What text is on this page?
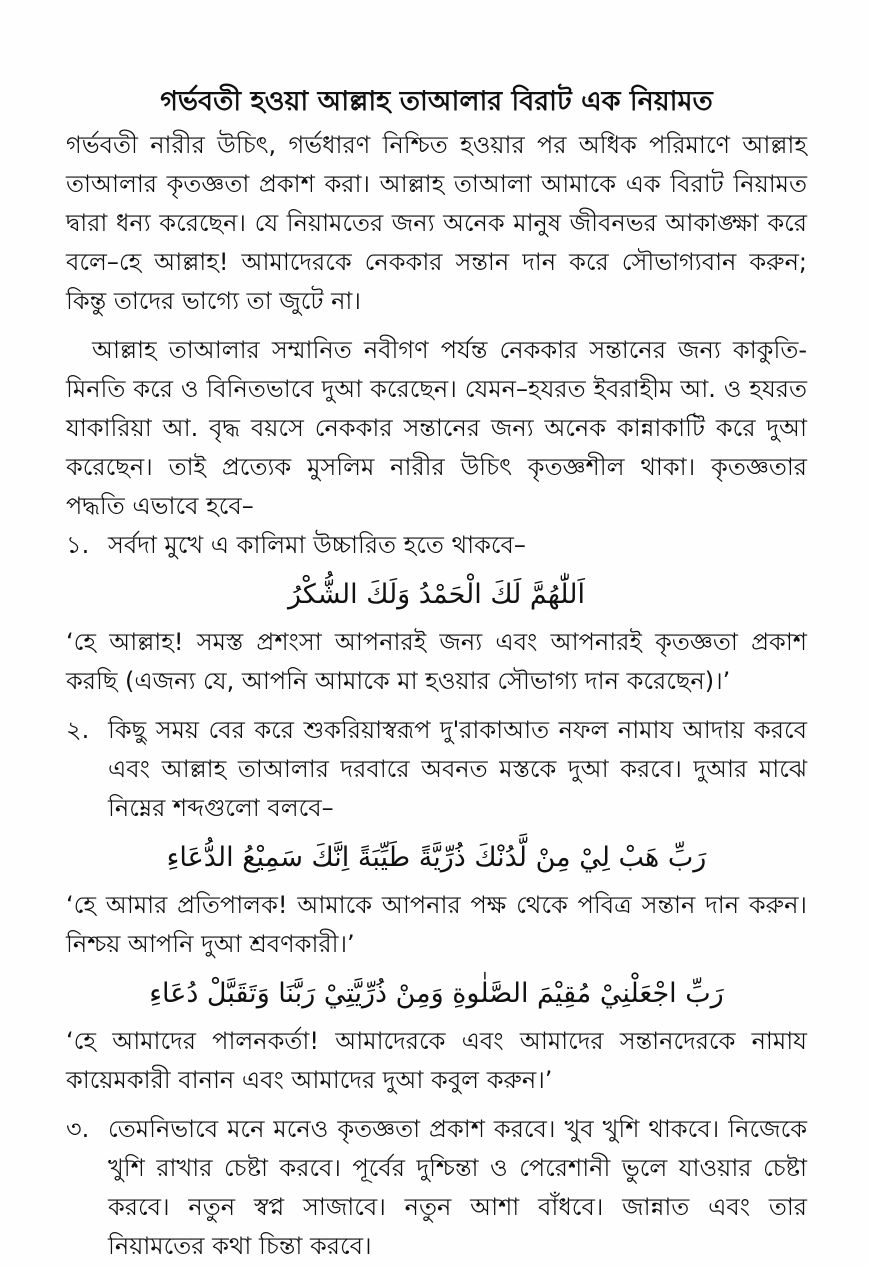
গর্ভবতী হওয়া আল্লাহ তাআলার বিরাট এক নিয়ামত

গর্ভবতী নারীর উচিৎ, গর্ভধারণ নিশ্চিত হওয়ার পর অধিক পরিমাণে আল্লাহ তাআলার কৃতজ্ঞতা প্রকাশ করা। আল্লাহ তাআলা আমাকে এক বিরাট নিয়ামত দ্বারা ধন্য করেছেন। যে নিয়ামতের জন্য অনেক মানুষ জীবনভর আকাঙ্ক্ষা করে বলে–হে আল্লাহ! আমাদেরকে নেককার সন্তান দান করে সৌভাগ্যবান করুন; কিন্তু তাদের ভাগ্যে তা জুটে না।

আল্লাহ তাআলার সম্মানিত নবীগণ পর্যন্ত নেককার সন্তানের জন্য কাকুতি-মিনতি করে ও বিনিতভাবে দুআ করেছেন। যেমন–হযরত ইবরাহীম আ. ও হযরত যাকারিয়া আ. বৃদ্ধ বয়সে নেককার সন্তানের জন্য অনেক কান্নাকাটি করে দুআ করেছেন। তাই প্রত্যেক মুসলিম নারীর উচিৎ কৃতজ্ঞশীল থাকা। কৃতজ্ঞতার পদ্ধতি এভাবে হবে–

১. সর্বদা মুখে এ কালিমা উচ্চারিত হতে থাকবে–
اَللّٰهُمَّ لَكَ الْحَمْدُ وَلَكَ الشُّكْرُ

‘হে আল্লাহ! সমস্ত প্রশংসা আপনারই জন্য এবং আপনারই কৃতজ্ঞতা প্রকাশ করছি (এজন্য যে, আপনি আমাকে মা হওয়ার সৌভাগ্য দান করেছেন)।’

২. কিছু সময় বের করে শুকরিয়াস্বরূপ দু'রাকাআত নফল নামায আদায় করবে এবং আল্লাহ তাআলার দরবারে অবনত মস্তকে দুআ করবে। দুআর মাঝে নিম্নের শব্দগুলো বলবে–
رَبِّ هَبْ لِيْ مِنْ لَّدُنْكَ ذُرِّيَّةً طَيِّبَةً اِنَّكَ سَمِيْعُ الدُّعَاءِ

‘হে আমার প্রতিপালক! আমাকে আপনার পক্ষ থেকে পবিত্র সন্তান দান করুন। নিশ্চয় আপনি দুআ শ্রবণকারী।’

رَبِّ اجْعَلْنِيْ مُقِيْمَ الصَّلٰوةِ وَمِنْ ذُرِّيَّتِيْ رَبَّنَا وَتَقَبَّلْ دُعَاءِ

‘হে আমাদের পালনকর্তা! আমাদেরকে এবং আমাদের সন্তানদেরকে নামায কায়েমকারী বানান এবং আমাদের দুআ কবুল করুন।’

৩. তেমনিভাবে মনে মনেও কৃতজ্ঞতা প্রকাশ করবে। খুব খুশি থাকবে। নিজেকে খুশি রাখার চেষ্টা করবে। পূর্বের দুশ্চিন্তা ও পেরেশানী ভুলে যাওয়ার চেষ্টা করবে। নতুন স্বপ্ন সাজাবে। নতুন আশা বাঁধবে। জান্নাত এবং তার নিয়ামতের কথা চিন্তা করবে।
